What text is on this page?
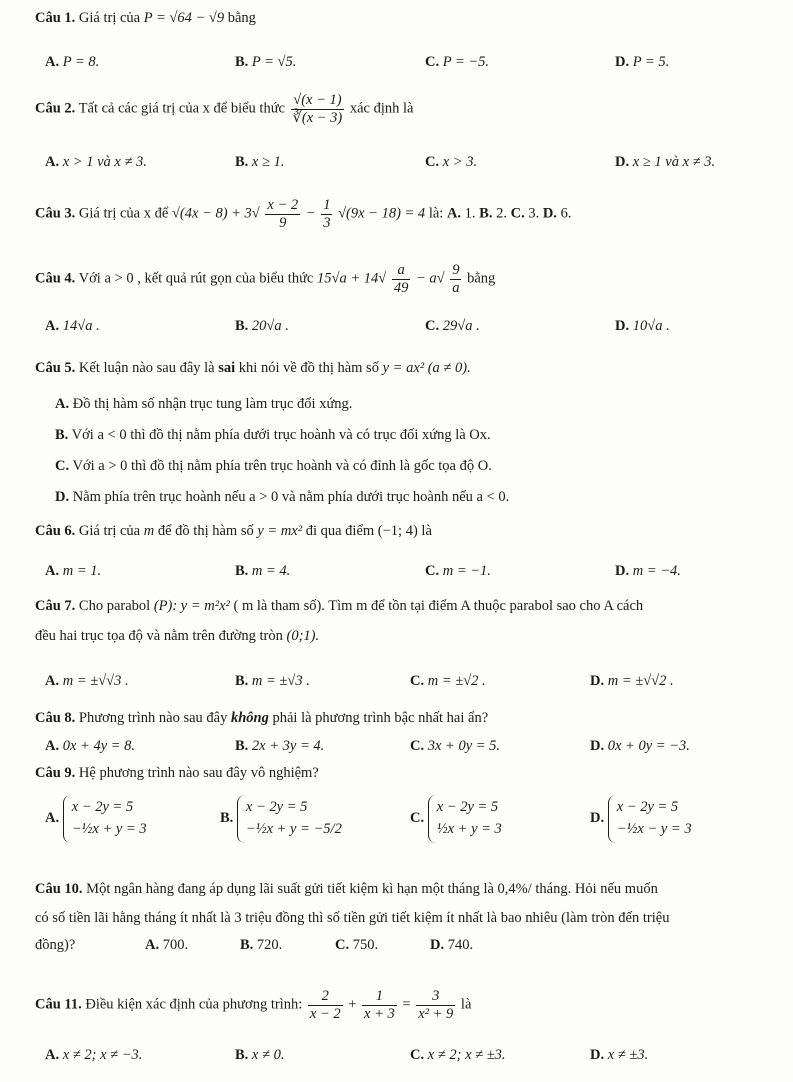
Câu 1. Giá trị của P = √64 − √9 bằng
A. P = 8.	B. P = √5.	C. P = −5.	D. P = 5.
Câu 2. Tất cả các giá trị của x để biểu thức $\frac{√(x - 1)}{∛(x - 3)}$ xác định là
A. x > 1 và x ≠ 3.	B. x ≥ 1.	C. x > 3.	D. x ≥ 1 và x ≠ 3.
Câu 3. Giá trị của x để $√(4x - 8) + 3√ \frac{x - 2}{9} - \frac{1}{3} √(9x - 18) = 4$ là: A. 1. B. 2. C. 3. D. 6.
Câu 4. Với a > 0 , kết quả rút gọn của biểu thức $15√a + 14√ \frac{a}{49} - a√ \frac{9}{a}$ bằng
A. 14√a .	B. 20√a .	C. 29√a .	D. 10√a .
Câu 5. Kết luận nào sau đây là sai khi nói về đồ thị hàm số y = ax² (a ≠ 0).
A. Đồ thị hàm số nhận trục tung làm trục đối xứng.
B. Với a < 0 thì đồ thị nằm phía dưới trục hoành và có trục đối xứng là Ox.
C. Với a > 0 thì đồ thị nằm phía trên trục hoành và có đỉnh là gốc tọa độ O.
D. Nằm phía trên trục hoành nếu a > 0 và nằm phía dưới trục hoành nếu a < 0.
Câu 6. Giá trị của m để đồ thị hàm số y = mx² đi qua điểm (−1; 4) là
A. m = 1.	B. m = 4.	C. m = −1.	D. m = −4.
Câu 7. Cho parabol (P): y = m²x² ( m là tham số). Tìm m để tồn tại điểm A thuộc parabol sao cho A cách
đều hai trục tọa độ và nằm trên đường tròn (0;1).
A. m = ±√√3 .	B. m = ±√3 .	C. m = ±√2 .	D. m = ±√√2 .
Câu 8. Phương trình nào sau đây không phải là phương trình bậc nhất hai ẩn?
A. 0x + 4y = 8.	B. 2x + 3y = 4.	C. 3x + 0y = 5.	D. 0x + 0y = −3.
Câu 9. Hệ phương trình nào sau đây vô nghiệm?
A.
x − 2y = 5
−½x + y = 3
B.
x − 2y = 5
−½x + y = −5/2
C.
x − 2y = 5
½x + y = 3
D.
x − 2y = 5
−½x − y = 3
Câu 10. Một ngân hàng đang áp dụng lãi suất gửi tiết kiệm kì hạn một tháng là 0,4%/ tháng. Hỏi nếu muốn
có số tiền lãi hằng tháng ít nhất là 3 triệu đồng thì số tiền gửi tiết kiệm ít nhất là bao nhiêu (làm tròn đến triệu
đồng)?	A. 700.	B. 720.	C. 750.	D. 740.
Câu 11. Điều kiện xác định của phương trình: $\frac{2}{x - 2} + \frac{1}{x + 3} = \frac{3}{\text{x² + 9}}$ là
A. x ≠ 2; x ≠ −3.	B. x ≠ 0.	C. x ≠ 2; x ≠ ±3.	D. x ≠ ±3.
